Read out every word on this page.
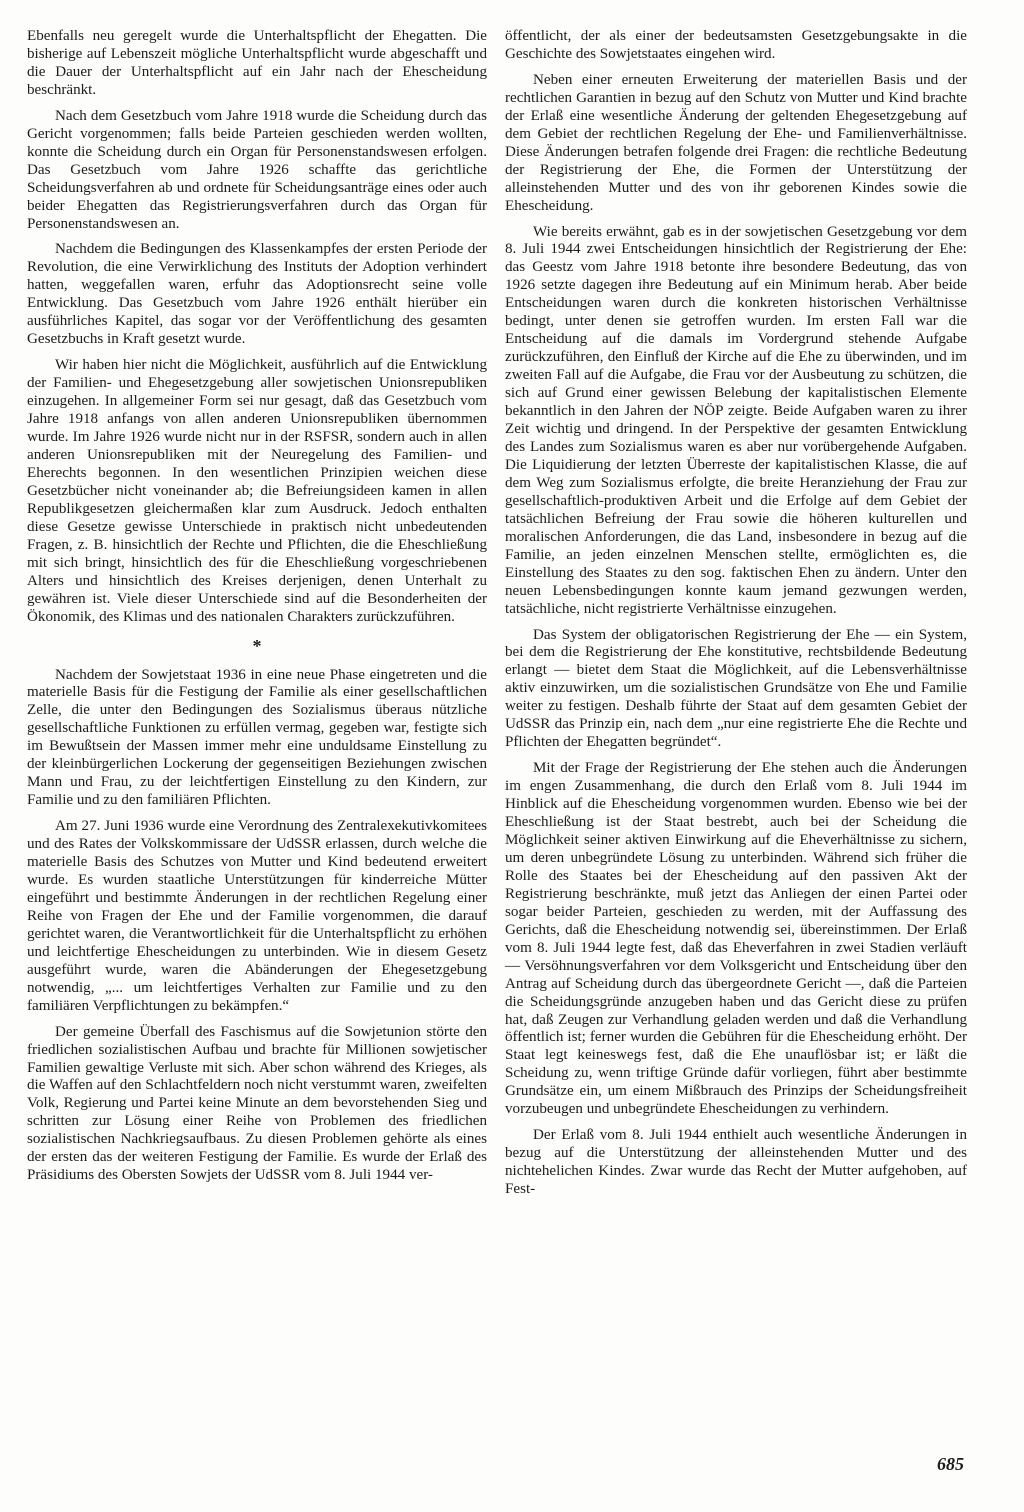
Ebenfalls neu geregelt wurde die Unterhaltspflicht der Ehegatten. Die bisherige auf Lebenszeit mögliche Unterhaltspflicht wurde abgeschafft und die Dauer der Unterhaltspflicht auf ein Jahr nach der Ehescheidung beschränkt.

Nach dem Gesetzbuch vom Jahre 1918 wurde die Scheidung durch das Gericht vorgenommen; falls beide Parteien geschieden werden wollten, konnte die Scheidung durch ein Organ für Personenstandswesen erfolgen. Das Gesetzbuch vom Jahre 1926 schaffte das gerichtliche Scheidungsverfahren ab und ordnete für Scheidungsanträge eines oder auch beider Ehegatten das Registrierungsverfahren durch das Organ für Personenstandswesen an.

Nachdem die Bedingungen des Klassenkampfes der ersten Periode der Revolution, die eine Verwirklichung des Instituts der Adoption verhindert hatten, weggefallen waren, erfuhr das Adoptionsrecht seine volle Entwicklung. Das Gesetzbuch vom Jahre 1926 enthält hierüber ein ausführliches Kapitel, das sogar vor der Veröffentlichung des gesamten Gesetzbuchs in Kraft gesetzt wurde.

Wir haben hier nicht die Möglichkeit, ausführlich auf die Entwicklung der Familien- und Ehegesetzgebung aller sowjetischen Unionsrepubliken einzugehen. In allgemeiner Form sei nur gesagt, daß das Gesetzbuch vom Jahre 1918 anfangs von allen anderen Unionsrepubliken übernommen wurde. Im Jahre 1926 wurde nicht nur in der RSFSR, sondern auch in allen anderen Unionsrepubliken mit der Neuregelung des Familien- und Eherechts begonnen. In den wesentlichen Prinzipien weichen diese Gesetzbücher nicht voneinander ab; die Befreiungsideen kamen in allen Republikgesetzen gleichermaßen klar zum Ausdruck. Jedoch enthalten diese Gesetze gewisse Unterschiede in praktisch nicht unbedeutenden Fragen, z. B. hinsichtlich der Rechte und Pflichten, die die Eheschließung mit sich bringt, hinsichtlich des für die Eheschließung vorgeschriebenen Alters und hinsichtlich des Kreises derjenigen, denen Unterhalt zu gewähren ist. Viele dieser Unterschiede sind auf die Besonderheiten der Ökonomik, des Klimas und des nationalen Charakters zurückzuführen.

*

Nachdem der Sowjetstaat 1936 in eine neue Phase eingetreten und die materielle Basis für die Festigung der Familie als einer gesellschaftlichen Zelle, die unter den Bedingungen des Sozialismus überaus nützliche gesellschaftliche Funktionen zu erfüllen vermag, gegeben war, festigte sich im Bewußtsein der Massen immer mehr eine unduldsame Einstellung zu der kleinbürgerlichen Lockerung der gegenseitigen Beziehungen zwischen Mann und Frau, zu der leichtfertigen Einstellung zu den Kindern, zur Familie und zu den familiären Pflichten.

Am 27. Juni 1936 wurde eine Verordnung des Zentralexekutivkomitees und des Rates der Volkskommissare der UdSSR erlassen, durch welche die materielle Basis des Schutzes von Mutter und Kind bedeutend erweitert wurde. Es wurden staatliche Unterstützungen für kinderreiche Mütter eingeführt und bestimmte Änderungen in der rechtlichen Regelung einer Reihe von Fragen der Ehe und der Familie vorgenommen, die darauf gerichtet waren, die Verantwortlichkeit für die Unterhaltspflicht zu erhöhen und leichtfertige Ehescheidungen zu unterbinden. Wie in diesem Gesetz ausgeführt wurde, waren die Abänderungen der Ehegesetzgebung notwendig, „... um leichtfertiges Verhalten zur Familie und zu den familiären Verpflichtungen zu bekämpfen.“

Der gemeine Überfall des Faschismus auf die Sowjetunion störte den friedlichen sozialistischen Aufbau und brachte für Millionen sowjetischer Familien gewaltige Verluste mit sich. Aber schon während des Krieges, als die Waffen auf den Schlachtfeldern noch nicht verstummt waren, zweifelten Volk, Regierung und Partei keine Minute an dem bevorstehenden Sieg und schritten zur Lösung einer Reihe von Problemen des friedlichen sozialistischen Nachkriegsaufbaus. Zu diesen Problemen gehörte als eines der ersten das der weiteren Festigung der Familie. Es wurde der Erlaß des Präsidiums des Obersten Sowjets der UdSSR vom 8. Juli 1944 ver-

öffentlicht, der als einer der bedeutsamsten Gesetzgebungsakte in die Geschichte des Sowjetstaates eingehen wird.

Neben einer erneuten Erweiterung der materiellen Basis und der rechtlichen Garantien in bezug auf den Schutz von Mutter und Kind brachte der Erlaß eine wesentliche Änderung der geltenden Ehegesetzgebung auf dem Gebiet der rechtlichen Regelung der Ehe- und Familienverhältnisse. Diese Änderungen betrafen folgende drei Fragen: die rechtliche Bedeutung der Registrierung der Ehe, die Formen der Unterstützung der alleinstehenden Mutter und des von ihr geborenen Kindes sowie die Ehescheidung.

Wie bereits erwähnt, gab es in der sowjetischen Gesetzgebung vor dem 8. Juli 1944 zwei Entscheidungen hinsichtlich der Registrierung der Ehe: das Geestz vom Jahre 1918 betonte ihre besondere Bedeutung, das von 1926 setzte dagegen ihre Bedeutung auf ein Minimum herab. Aber beide Entscheidungen waren durch die konkreten historischen Verhältnisse bedingt, unter denen sie getroffen wurden. Im ersten Fall war die Entscheidung auf die damals im Vordergrund stehende Aufgabe zurückzuführen, den Einfluß der Kirche auf die Ehe zu überwinden, und im zweiten Fall auf die Aufgabe, die Frau vor der Ausbeutung zu schützen, die sich auf Grund einer gewissen Belebung der kapitalistischen Elemente bekanntlich in den Jahren der NÖP zeigte. Beide Aufgaben waren zu ihrer Zeit wichtig und dringend. In der Perspektive der gesamten Entwicklung des Landes zum Sozialismus waren es aber nur vorübergehende Aufgaben. Die Liquidierung der letzten Überreste der kapitalistischen Klasse, die auf dem Weg zum Sozialismus erfolgte, die breite Heranziehung der Frau zur gesellschaftlich-produktiven Arbeit und die Erfolge auf dem Gebiet der tatsächlichen Befreiung der Frau sowie die höheren kulturellen und moralischen Anforderungen, die das Land, insbesondere in bezug auf die Familie, an jeden einzelnen Menschen stellte, ermöglichten es, die Einstellung des Staates zu den sog. faktischen Ehen zu ändern. Unter den neuen Lebensbedingungen konnte kaum jemand gezwungen werden, tatsächliche, nicht registrierte Verhältnisse einzugehen.

Das System der obligatorischen Registrierung der Ehe — ein System, bei dem die Registrierung der Ehe konstitutive, rechtsbildende Bedeutung erlangt — bietet dem Staat die Möglichkeit, auf die Lebensverhältnisse aktiv einzuwirken, um die sozialistischen Grundsätze von Ehe und Familie weiter zu festigen. Deshalb führte der Staat auf dem gesamten Gebiet der UdSSR das Prinzip ein, nach dem „nur eine registrierte Ehe die Rechte und Pflichten der Ehegatten begründet“.

Mit der Frage der Registrierung der Ehe stehen auch die Änderungen im engen Zusammenhang, die durch den Erlaß vom 8. Juli 1944 im Hinblick auf die Ehescheidung vorgenommen wurden. Ebenso wie bei der Eheschließung ist der Staat bestrebt, auch bei der Scheidung die Möglichkeit seiner aktiven Einwirkung auf die Eheverhältnisse zu sichern, um deren unbegründete Lösung zu unterbinden. Während sich früher die Rolle des Staates bei der Ehescheidung auf den passiven Akt der Registrierung beschränkte, muß jetzt das Anliegen der einen Partei oder sogar beider Parteien, geschieden zu werden, mit der Auffassung des Gerichts, daß die Ehescheidung notwendig sei, übereinstimmen. Der Erlaß vom 8. Juli 1944 legte fest, daß das Eheverfahren in zwei Stadien verläuft — Versöhnungsverfahren vor dem Volksgericht und Entscheidung über den Antrag auf Scheidung durch das übergeordnete Gericht —, daß die Parteien die Scheidungsgründe anzugeben haben und das Gericht diese zu prüfen hat, daß Zeugen zur Verhandlung geladen werden und daß die Verhandlung öffentlich ist; ferner wurden die Gebühren für die Ehescheidung erhöht. Der Staat legt keineswegs fest, daß die Ehe unauflösbar ist; er läßt die Scheidung zu, wenn triftige Gründe dafür vorliegen, führt aber bestimmte Grundsätze ein, um einem Mißbrauch des Prinzips der Scheidungsfreiheit vorzubeugen und unbegründete Ehescheidungen zu verhindern.

Der Erlaß vom 8. Juli 1944 enthielt auch wesentliche Änderungen in bezug auf die Unterstützung der alleinstehenden Mutter und des nichtehelichen Kindes. Zwar wurde das Recht der Mutter aufgehoben, auf Fest-

685
